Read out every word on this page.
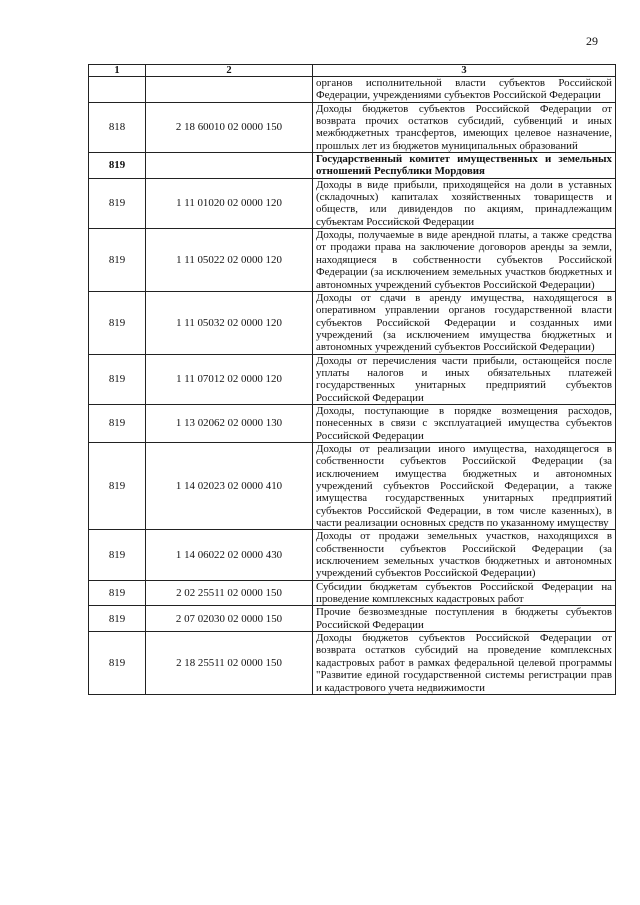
29
1	2	3
		органов исполнительной власти субъектов Российской Федерации, учреждениями субъектов Российской Федерации
818	2 18 60010 02 0000 150	Доходы бюджетов субъектов Российской Федерации от возврата прочих остатков субсидий, субвенций и иных межбюджетных трансфертов, имеющих целевое назначение, прошлых лет из бюджетов муниципальных образований
819		Государственный комитет имущественных и земельных отношений Республики Мордовия
819	1 11 01020 02 0000 120	Доходы в виде прибыли, приходящейся на доли в уставных (складочных) капиталах хозяйственных товариществ и обществ, или дивидендов по акциям, принадлежащим субъектам Российской Федерации
819	1 11 05022 02 0000 120	Доходы, получаемые в виде арендной платы, а также средства от продажи права на заключение договоров аренды за земли, находящиеся в собственности субъектов Российской Федерации (за исключением земельных участков бюджетных и автономных учреждений субъектов Российской Федерации)
819	1 11 05032 02 0000 120	Доходы от сдачи в аренду имущества, находящегося в оперативном управлении органов государственной власти субъектов Российской Федерации и созданных ими учреждений (за исключением имущества бюджетных и автономных учреждений субъектов Российской Федерации)
819	1 11 07012 02 0000 120	Доходы от перечисления части прибыли, остающейся после уплаты налогов и иных обязательных платежей государственных унитарных предприятий субъектов Российской Федерации
819	1 13 02062 02 0000 130	Доходы, поступающие в порядке возмещения расходов, понесенных в связи с эксплуатацией имущества субъектов Российской Федерации
819	1 14 02023 02 0000 410	Доходы от реализации иного имущества, находящегося в собственности субъектов Российской Федерации (за исключением имущества бюджетных и автономных учреждений субъектов Российской Федерации, а также имущества государственных унитарных предприятий субъектов Российской Федерации, в том числе казенных), в части реализации основных средств по указанному имуществу
819	1 14 06022 02 0000 430	Доходы от продажи земельных участков, находящихся в собственности субъектов Российской Федерации (за исключением земельных участков бюджетных и автономных учреждений субъектов Российской Федерации)
819	2 02 25511 02 0000 150	Субсидии бюджетам субъектов Российской Федерации на проведение комплексных кадастровых работ
819	2 07 02030 02 0000 150	Прочие безвозмездные поступления в бюджеты субъектов Российской Федерации
819	2 18 25511 02 0000 150	Доходы бюджетов субъектов Российской Федерации от возврата остатков субсидий на проведение комплексных кадастровых работ в рамках федеральной целевой программы "Развитие единой государственной системы регистрации прав и кадастрового учета недвижимости
